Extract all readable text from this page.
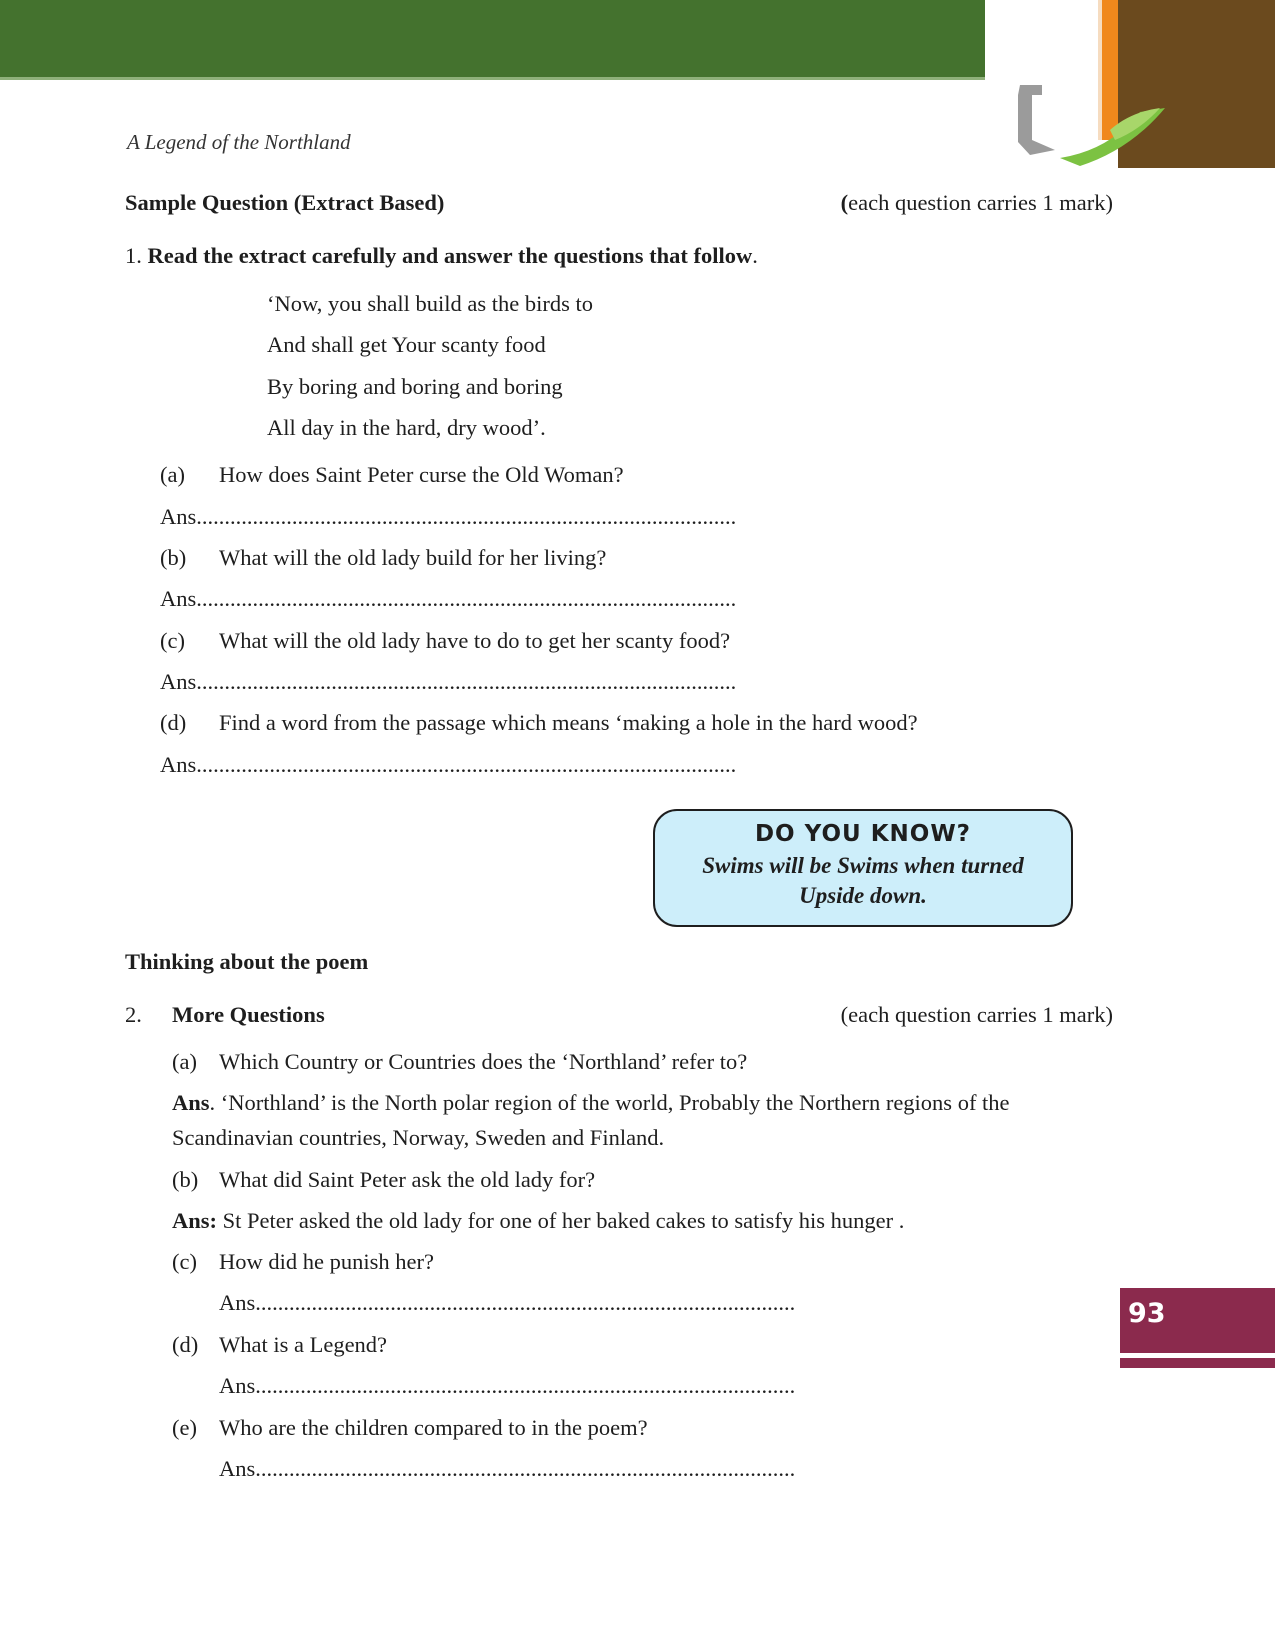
A Legend of the Northland
Sample Question (Extract Based)	(each question carries 1 mark)
1. Read the extract carefully and answer the questions that follow.
‘Now, you shall build as the birds to
And shall get Your scanty food
By boring and boring and boring
All day in the hard, dry wood’.
(a) How does Saint Peter curse the Old Woman?
Ans................................................................................................
(b) What will the old lady build for her living?
Ans................................................................................................
(c) What will the old lady have to do to get her scanty food?
Ans................................................................................................
(d) Find a word from the passage which means ‘making a hole in the hard wood?
Ans................................................................................................
DO YOU KNOW?
Swims will be Swims when turned
Upside down.
Thinking about the poem
2. More Questions	(each question carries 1 mark)
(a) Which Country or Countries does the ‘Northland’ refer to?
Ans. ‘Northland’ is the North polar region of the world, Probably the Northern regions of the
Scandinavian countries, Norway, Sweden and Finland.
(b) What did Saint Peter ask the old lady for?
Ans: St Peter asked the old lady for one of her baked cakes to satisfy his hunger .
(c) How did he punish her?
Ans................................................................................................
(d) What is a Legend?
Ans................................................................................................
(e) Who are the children compared to in the poem?
Ans................................................................................................
93
